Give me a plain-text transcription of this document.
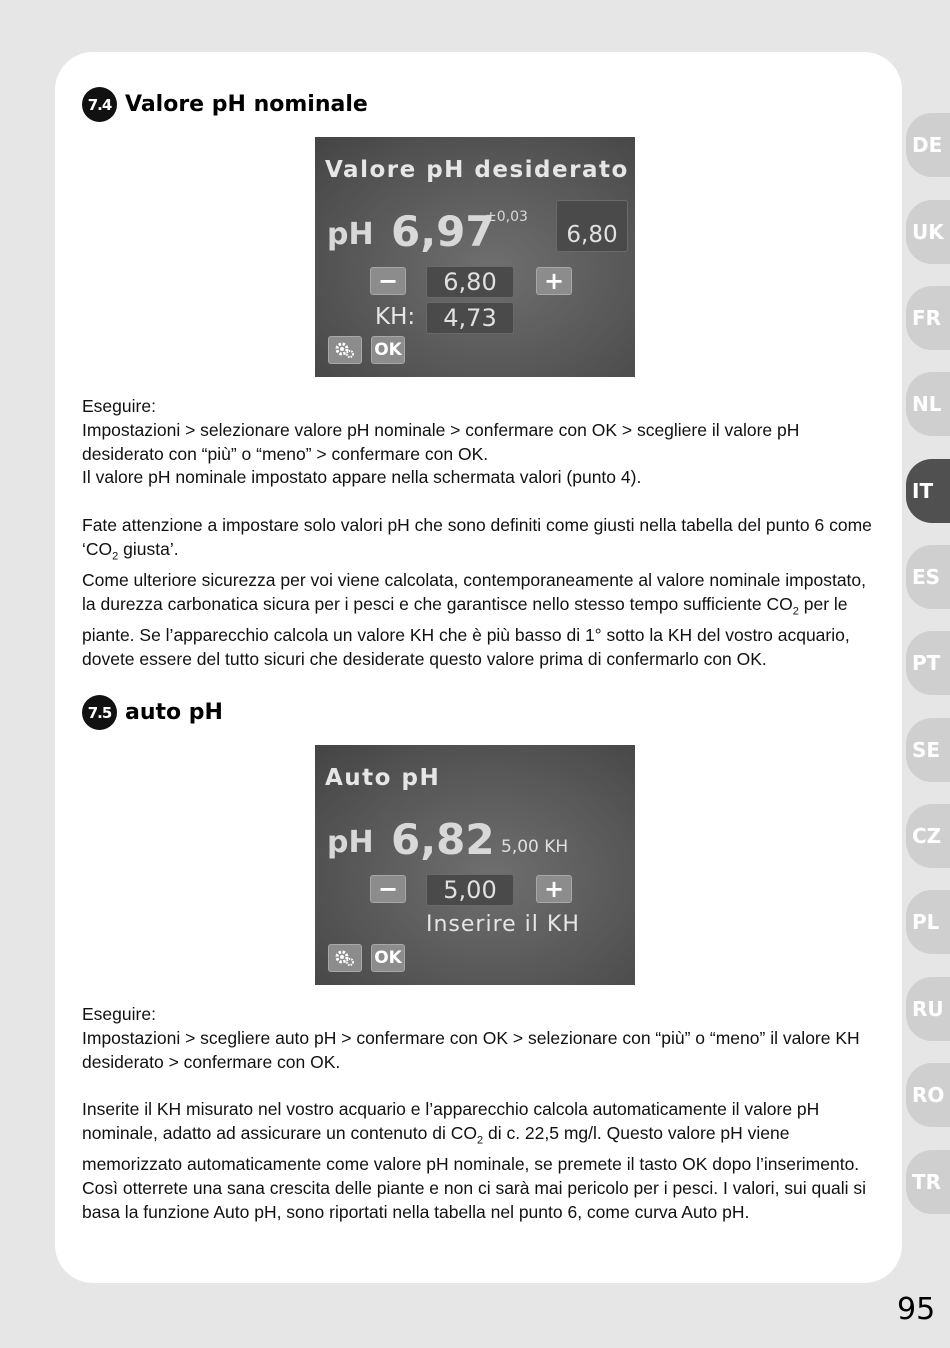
7.4 Valore pH nominale
Valore pH desiderato
pH 6,97
±0,03
6,80
−	6,80	+
KH:	4,73
OK

Eseguire:

Impostazioni > selezionare valore pH nominale > confermare con OK > scegliere il valore pH desiderato con “più” o “meno” > confermare con OK.

Il valore pH nominale impostato appare nella schermata valori (punto 4).

Fate attenzione a impostare solo valori pH che sono definiti come giusti nella tabella del punto 6 come ‘$CO_2$ giusta’.

Come ulteriore sicurezza per voi viene calcolata, contemporaneamente al valore nominale impostato, la durezza carbonatica sicura per i pesci e che garantisce nello stesso tempo sufficiente $CO_2$ per le piante. Se l’apparecchio calcola un valore KH che è più basso di 1° sotto la KH del vostro acquario, dovete essere del tutto sicuri che desiderate questo valore prima di confermarlo con OK.

7.5 auto pH
Auto pH
pH 6,82 5,00 KH
−	5,00	+
Inserire il KH
OK

Eseguire:

Impostazioni > scegliere auto pH > confermare con OK > selezionare con “più” o “meno” il valore KH desiderato > confermare con OK.

Inserite il KH misurato nel vostro acquario e l’apparecchio calcola automaticamente il valore pH nominale, adatto ad assicurare un contenuto di $CO_2$ di c. 22,5 mg/l. Questo valore pH viene memorizzato automaticamente come valore pH nominale, se premete il tasto OK dopo l’inserimento. Così otterrete una sana crescita delle piante e non ci sarà mai pericolo per i pesci. I valori, sui quali si basa la funzione Auto pH, sono riportati nella tabella nel punto 6, come curva Auto pH.

DE
UK
FR
NL
IT
ES
PT
SE
CZ
PL
RU
RO
TR
95
